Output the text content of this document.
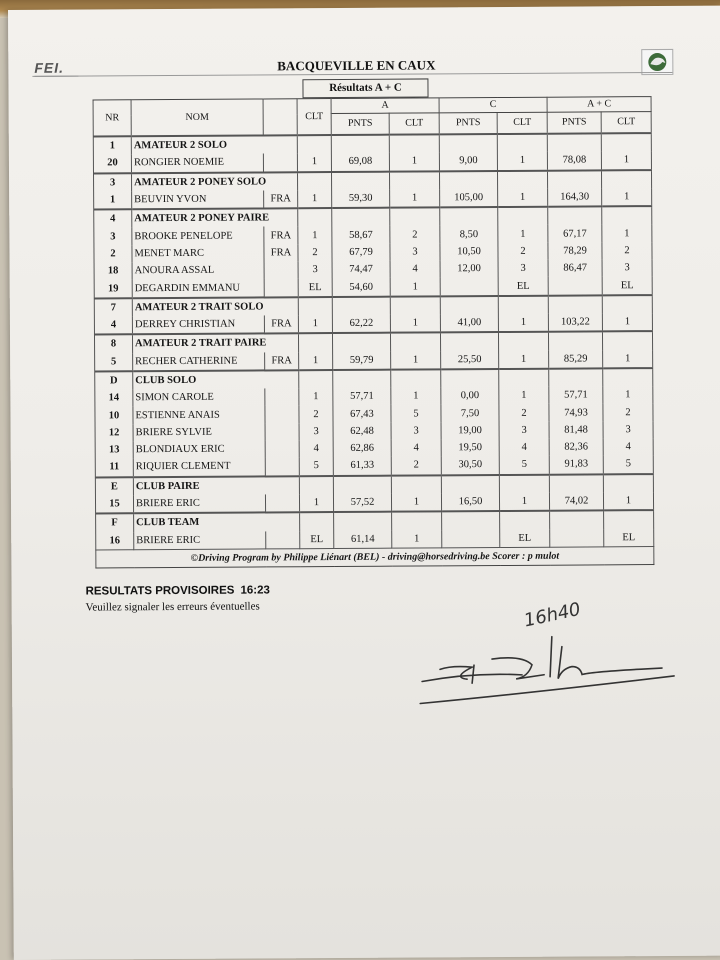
FEI.	BACQUEVILLE EN CAUX
Résultats A + C
NR	NOM		CLT	A		C		A + C	
				PNTS	CLT	PNTS	CLT	PNTS	CLT
1	AMATEUR 2 SOLO								
20	RONGIER NOEMIE		1	69,08	1	9,00	1	78,08	1
3	AMATEUR 2 PONEY SOLO								
1	BEUVIN YVON	FRA	1	59,30	1	105,00	1	164,30	1
4	AMATEUR 2 PONEY PAIRE								
3	BROOKE PENELOPE	FRA	1	58,67	2	8,50	1	67,17	1
2	MENET MARC	FRA	2	67,79	3	10,50	2	78,29	2
18	ANOURA ASSAL		3	74,47	4	12,00	3	86,47	3
19	DEGARDIN EMMANU		EL	54,60	1		EL		EL
7	AMATEUR 2 TRAIT SOLO								
4	DERREY CHRISTIAN	FRA	1	62,22	1	41,00	1	103,22	1
8	AMATEUR 2 TRAIT PAIRE								
5	RECHER CATHERINE	FRA	1	59,79	1	25,50	1	85,29	1
D	CLUB SOLO								
14	SIMON CAROLE		1	57,71	1	0,00	1	57,71	1
10	ESTIENNE ANAIS		2	67,43	5	7,50	2	74,93	2
12	BRIERE SYLVIE		3	62,48	3	19,00	3	81,48	3
13	BLONDIAUX ERIC		4	62,86	4	19,50	4	82,36	4
11	RIQUIER CLEMENT		5	61,33	2	30,50	5	91,83	5
E	CLUB PAIRE								
15	BRIERE ERIC		1	57,52	1	16,50	1	74,02	1
F	CLUB TEAM								
16	BRIERE ERIC		EL	61,14	1		EL		EL
©Driving Program by Philippe Liénart (BEL) - driving@horsedriving.be Scorer : p mulot									
RESULTATS PROVISOIRES 16:23
Veuillez signaler les erreurs éventuelles	16h40
